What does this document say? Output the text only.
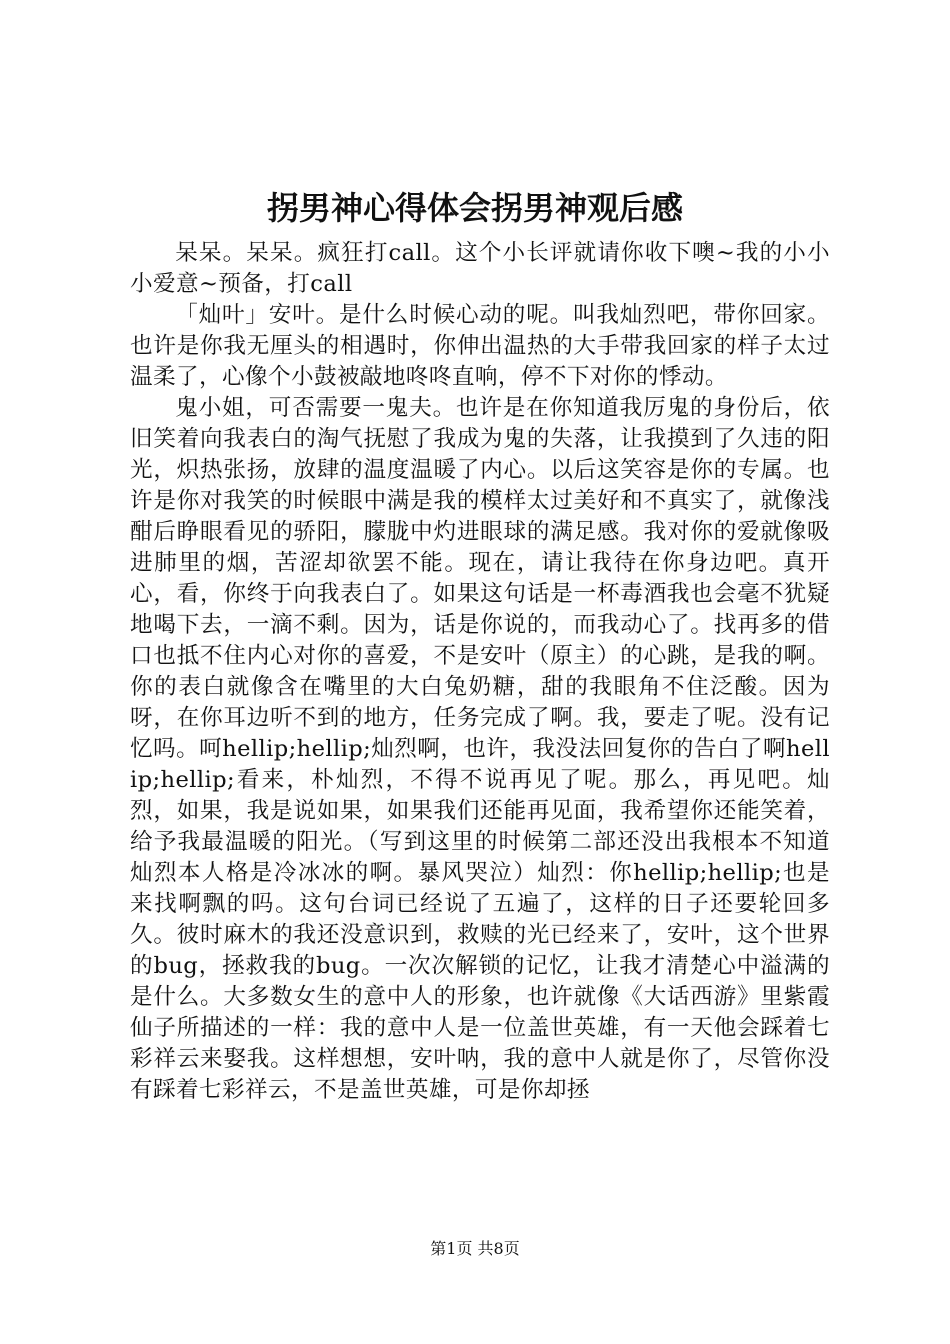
拐男神心得体会拐男神观后感

呆呆。呆呆。疯狂打call。这个小长评就请你收下噢~我的小小小爱意~预备，打call

「灿叶」安叶。是什么时候心动的呢。叫我灿烈吧，带你回家。也许是你我无厘头的相遇时，你伸出温热的大手带我回家的样子太过温柔了，心像个小鼓被敲地咚咚直响，停不下对你的悸动。

鬼小姐，可否需要一鬼夫。也许是在你知道我厉鬼的身份后，依旧笑着向我表白的淘气抚慰了我成为鬼的失落，让我摸到了久违的阳光，炽热张扬，放肆的温度温暖了内心。以后这笑容是你的专属。也许是你对我笑的时候眼中满是我的模样太过美好和不真实了，就像浅酣后睁眼看见的骄阳，朦胧中灼进眼球的满足感。我对你的爱就像吸进肺里的烟，苦涩却欲罢不能。现在，请让我待在你身边吧。真开心，看，你终于向我表白了。如果这句话是一杯毒酒我也会毫不犹疑地喝下去，一滴不剩。因为，话是你说的，而我动心了。找再多的借口也抵不住内心对你的喜爱，不是安叶（原主）的心跳，是我的啊。你的表白就像含在嘴里的大白兔奶糖，甜的我眼角不住泛酸。因为呀，在你耳边听不到的地方，任务完成了啊。我，要走了呢。没有记忆吗。呵hellip;hellip;灿烈啊，也许，我没法回复你的告白了啊hellip;hellip;看来，朴灿烈，不得不说再见了呢。那么，再见吧。灿烈，如果，我是说如果，如果我们还能再见面，我希望你还能笑着，给予我最温暖的阳光。（写到这里的时候第二部还没出我根本不知道灿烈本人格是冷冰冰的啊。暴风哭泣）灿烈：你hellip;hellip;也是来找啊飘的吗。这句台词已经说了五遍了，这样的日子还要轮回多久。彼时麻木的我还没意识到，救赎的光已经来了，安叶，这个世界的bug，拯救我的bug。一次次解锁的记忆，让我才清楚心中溢满的是什么。大多数女生的意中人的形象，也许就像《大话西游》里紫霞仙子所描述的一样：我的意中人是一位盖世英雄，有一天他会踩着七彩祥云来娶我。这样想想，安叶呐，我的意中人就是你了，尽管你没有踩着七彩祥云，不是盖世英雄，可是你却拯

第1页 共8页
